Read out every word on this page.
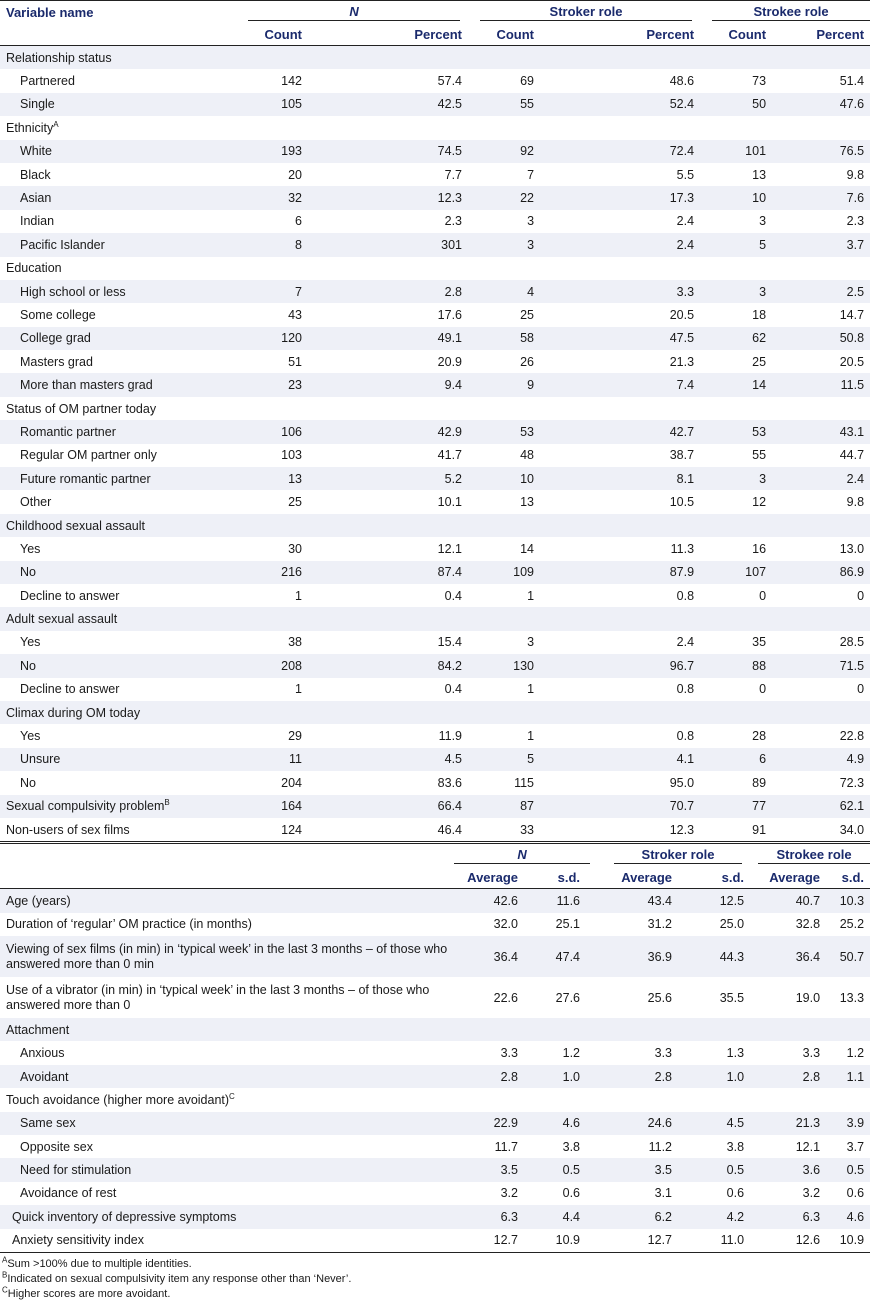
Variable name	N		Stroker role		Strokee role	

	Count	Percent	Count	Percent	Count	Percent
Relationship status						
Partnered	142	57.4	69	48.6	73	51.4
Single	105	42.5	55	52.4	50	47.6
Ethnicity$^A$						
White	193	74.5	92	72.4	101	76.5
Black	20	7.7	7	5.5	13	9.8
Asian	32	12.3	22	17.3	10	7.6
Indian	6	2.3	3	2.4	3	2.3
Pacific Islander	8	301	3	2.4	5	3.7
Education						
High school or less	7	2.8	4	3.3	3	2.5
Some college	43	17.6	25	20.5	18	14.7
College grad	120	49.1	58	47.5	62	50.8
Masters grad	51	20.9	26	21.3	25	20.5
More than masters grad	23	9.4	9	7.4	14	11.5
Status of OM partner today						
Romantic partner	106	42.9	53	42.7	53	43.1
Regular OM partner only	103	41.7	48	38.7	55	44.7
Future romantic partner	13	5.2	10	8.1	3	2.4
Other	25	10.1	13	10.5	12	9.8
Childhood sexual assault						
Yes	30	12.1	14	11.3	16	13.0
No	216	87.4	109	87.9	107	86.9
Decline to answer	1	0.4	1	0.8	0	0
Adult sexual assault						
Yes	38	15.4	3	2.4	35	28.5
No	208	84.2	130	96.7	88	71.5
Decline to answer	1	0.4	1	0.8	0	0
Climax during OM today						
Yes	29	11.9	1	0.8	28	22.8
Unsure	11	4.5	5	4.1	6	4.9
No	204	83.6	115	95.0	89	72.3
Sexual compulsivity problem$^B$	164	66.4	87	70.7	77	62.1
Non-users of sex films	124	46.4	33	12.3	91	34.0

	N		Stroker role		Strokee role	

	Average	s.d.	Average	s.d.	Average	s.d.
Age (years)	42.6	11.6	43.4	12.5	40.7	10.3
Duration of ‘regular’ OM practice (in months)	32.0	25.1	31.2	25.0	32.8	25.2
Viewing of sex films (in min) in ‘typical week’ in the last 3 months – of those who answered more than 0 min	36.4	47.4	36.9	44.3	36.4	50.7
Use of a vibrator (in min) in ‘typical week’ in the last 3 months – of those who answered more than 0	22.6	27.6	25.6	35.5	19.0	13.3
Attachment						
Anxious	3.3	1.2	3.3	1.3	3.3	1.2
Avoidant	2.8	1.0	2.8	1.0	2.8	1.1
Touch avoidance (higher more avoidant)$^C$						
Same sex	22.9	4.6	24.6	4.5	21.3	3.9
Opposite sex	11.7	3.8	11.2	3.8	12.1	3.7
Need for stimulation	3.5	0.5	3.5	0.5	3.6	0.5
Avoidance of rest	3.2	0.6	3.1	0.6	3.2	0.6
Quick inventory of depressive symptoms	6.3	4.4	6.2	4.2	6.3	4.6
Anxiety sensitivity index	12.7	10.9	12.7	11.0	12.6	10.9
$^A$Sum >100% due to multiple identities.
$^B$Indicated on sexual compulsivity item any response other than ‘Never’.
$^C$Higher scores are more avoidant.
